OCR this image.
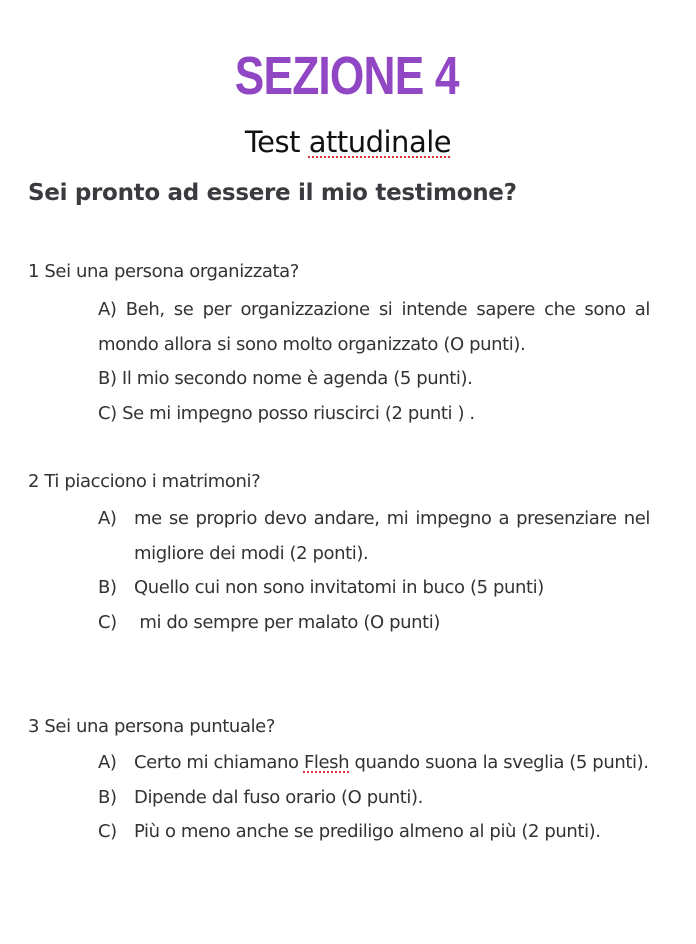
SEZIONE 4
Test attudinale
Sei pronto ad essere il mio testimone?
1 Sei una persona organizzata?
A) Beh, se per organizzazione si intende sapere che sono al mondo allora si sono molto organizzato (O punti).
B) Il mio secondo nome è agenda (5 punti).
C) Se mi impegno posso riuscirci (2 punti ) .
2 Ti piacciono i matrimoni?
A) me se proprio devo andare, mi impegno a presenziare nel migliore dei modi (2 ponti).
B) Quello cui non sono invitatomi in buco (5 punti)
C) mi do sempre per malato (O punti)
3 Sei una persona puntuale?
A) Certo mi chiamano Flesh quando suona la sveglia (5 punti).
B) Dipende dal fuso orario (O punti).
C) Più o meno anche se prediligo almeno al più (2 punti).
